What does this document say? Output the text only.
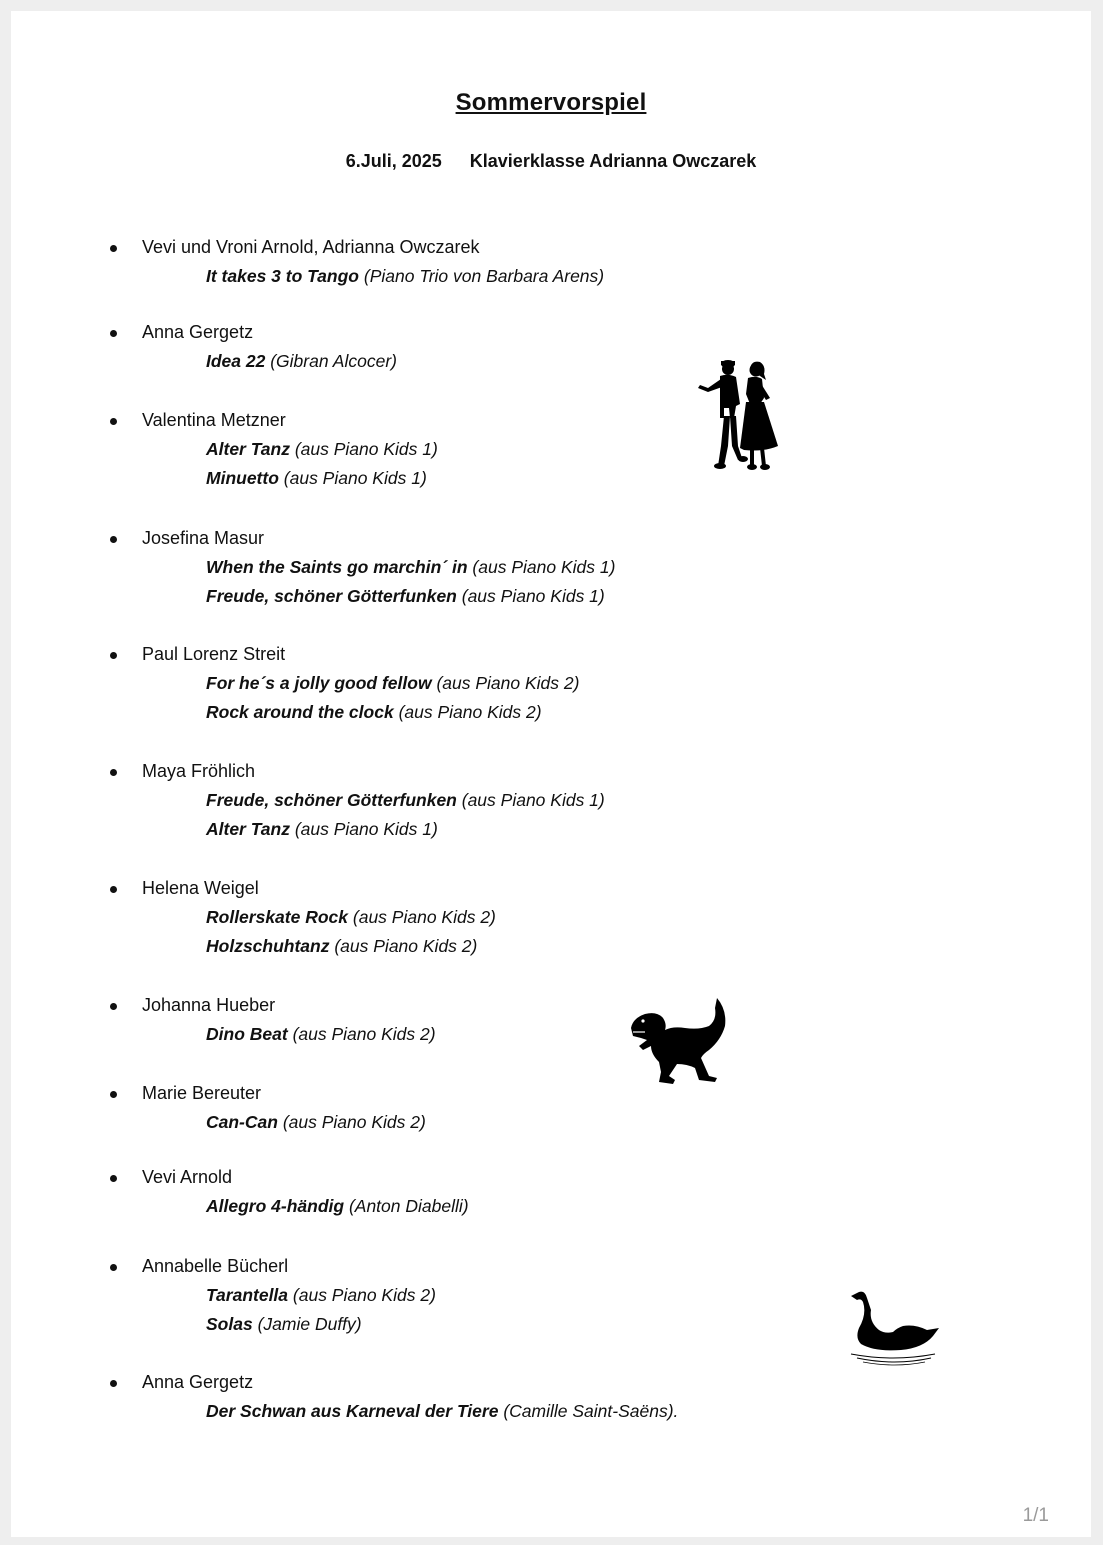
Sommervorspiel
6.Juli, 2025 Klavierklasse Adrianna Owczarek
Vevi und Vroni Arnold, Adrianna Owczarek
It takes 3 to Tango (Piano Trio von Barbara Arens)
Anna Gergetz
Idea 22 (Gibran Alcocer)
Valentina Metzner
Alter Tanz (aus Piano Kids 1)
Minuetto (aus Piano Kids 1)
Josefina Masur
When the Saints go marchin´ in (aus Piano Kids 1)
Freude, schöner Götterfunken (aus Piano Kids 1)
Paul Lorenz Streit
For he´s a jolly good fellow (aus Piano Kids 2)
Rock around the clock (aus Piano Kids 2)
Maya Fröhlich
Freude, schöner Götterfunken (aus Piano Kids 1)
Alter Tanz (aus Piano Kids 1)
Helena Weigel
Rollerskate Rock (aus Piano Kids 2)
Holzschuhtanz (aus Piano Kids 2)
Johanna Hueber
Dino Beat (aus Piano Kids 2)
Marie Bereuter
Can-Can (aus Piano Kids 2)
Vevi Arnold
Allegro 4-händig (Anton Diabelli)
Annabelle Bücherl
Tarantella (aus Piano Kids 2)
Solas (Jamie Duffy)
Anna Gergetz
Der Schwan aus Karneval der Tiere (Camille Saint-Saëns).
1/1
